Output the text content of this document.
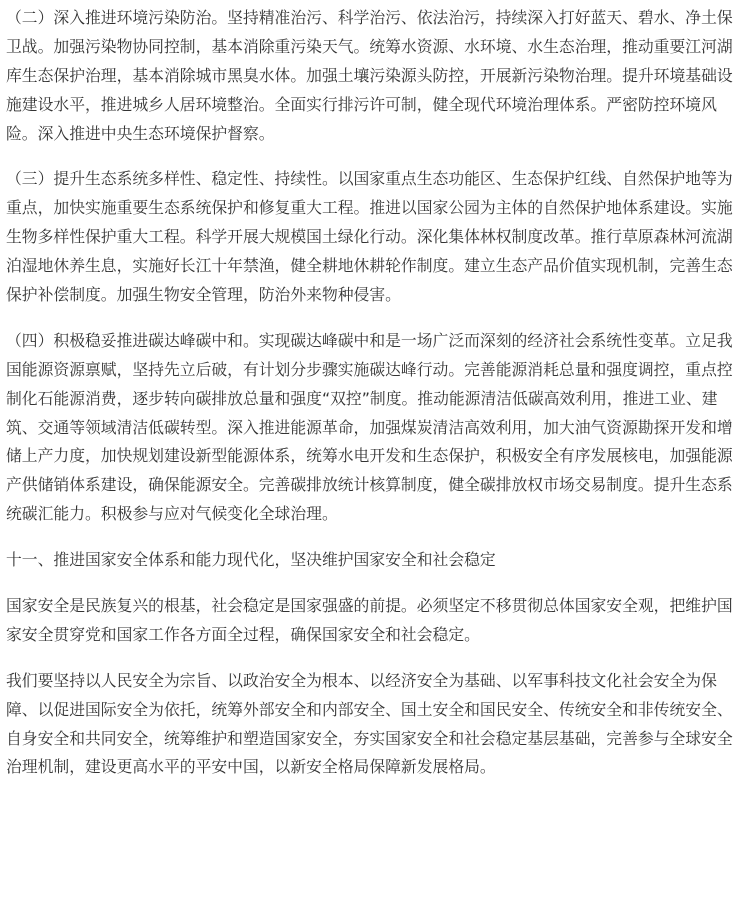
（二）深入推进环境污染防治。坚持精准治污、科学治污、依法治污，持续深入打好蓝天、碧水、净土保
卫战。加强污染物协同控制，基本消除重污染天气。统筹水资源、水环境、水生态治理，推动重要江河湖
库生态保护治理，基本消除城市黑臭水体。加强土壤污染源头防控，开展新污染物治理。提升环境基础设
施建设水平，推进城乡人居环境整治。全面实行排污许可制，健全现代环境治理体系。严密防控环境风
险。深入推进中央生态环境保护督察。
（三）提升生态系统多样性、稳定性、持续性。以国家重点生态功能区、生态保护红线、自然保护地等为
重点，加快实施重要生态系统保护和修复重大工程。推进以国家公园为主体的自然保护地体系建设。实施
生物多样性保护重大工程。科学开展大规模国土绿化行动。深化集体林权制度改革。推行草原森林河流湖
泊湿地休养生息，实施好长江十年禁渔，健全耕地休耕轮作制度。建立生态产品价值实现机制，完善生态
保护补偿制度。加强生物安全管理，防治外来物种侵害。
（四）积极稳妥推进碳达峰碳中和。实现碳达峰碳中和是一场广泛而深刻的经济社会系统性变革。立足我
国能源资源禀赋，坚持先立后破，有计划分步骤实施碳达峰行动。完善能源消耗总量和强度调控，重点控
制化石能源消费，逐步转向碳排放总量和强度“双控”制度。推动能源清洁低碳高效利用，推进工业、建
筑、交通等领域清洁低碳转型。深入推进能源革命，加强煤炭清洁高效利用，加大油气资源勘探开发和增
储上产力度，加快规划建设新型能源体系，统筹水电开发和生态保护，积极安全有序发展核电，加强能源
产供储销体系建设，确保能源安全。完善碳排放统计核算制度，健全碳排放权市场交易制度。提升生态系
统碳汇能力。积极参与应对气候变化全球治理。
十一、推进国家安全体系和能力现代化，坚决维护国家安全和社会稳定
国家安全是民族复兴的根基，社会稳定是国家强盛的前提。必须坚定不移贯彻总体国家安全观，把维护国
家安全贯穿党和国家工作各方面全过程，确保国家安全和社会稳定。
我们要坚持以人民安全为宗旨、以政治安全为根本、以经济安全为基础、以军事科技文化社会安全为保
障、以促进国际安全为依托，统筹外部安全和内部安全、国土安全和国民安全、传统安全和非传统安全、
自身安全和共同安全，统筹维护和塑造国家安全，夯实国家安全和社会稳定基层基础，完善参与全球安全
治理机制，建设更高水平的平安中国，以新安全格局保障新发展格局。
